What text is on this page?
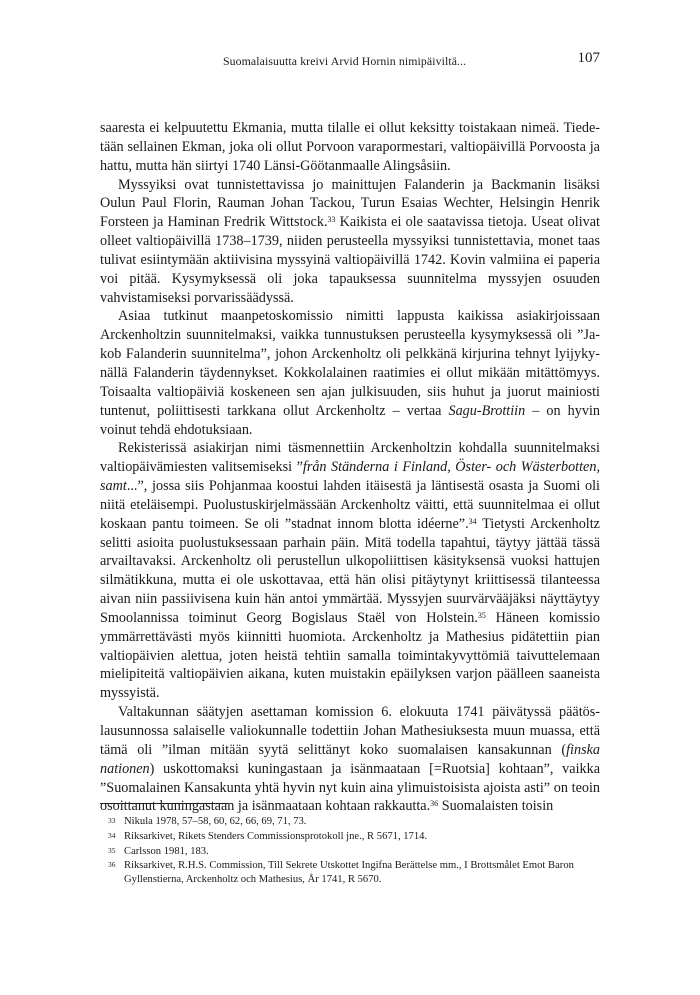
Suomalaisuutta kreivi Arvid Hornin nimipäiviltä...	107

saaresta ei kelpuutettu Ekmania, mutta tilalle ei ollut keksitty toistakaan nimeä. Tiedetään sellainen Ekman, joka oli ollut Porvoon varapormestari, valtiopäivillä Porvoosta ja hattu, mutta hän siirtyi 1740 Länsi-Göötanmaalle Alingsåsiin.

Myssyiksi ovat tunnistettavissa jo mainittujen Falanderin ja Backmanin lisäksi Oulun Paul Florin, Rauman Johan Tackou, Turun Esaias Wechter, Helsingin Henrik Forsteen ja Haminan Fredrik Wittstock.$^{33}$ Kaikista ei ole saatavissa tietoja. Useat olivat olleet valtiopäivillä 1738–1739, niiden perusteella myssyiksi tunnistettavia, monet taas tulivat esiintymään aktiivisina myssyinä valtiopäivillä 1742. Kovin valmiina ei paperia voi pitää. Kysymyksessä oli joka tapauksessa suunnitelma myssyjen osuuden vahvistamiseksi porvarissäädyssä.

Asiaa tutkinut maanpetoskomissio nimitti lappusta kaikissa asiakirjoissaan Arckenholtzin suunnitelmaksi, vaikka tunnustuksen perusteella kysymyksessä oli ”Jakob Falanderin suunnitelma”, johon Arckenholtz oli pelkkänä kirjurina tehnyt lyijykynällä Falanderin täydennykset. Kokkolalainen raatimies ei ollut mikään mitättömyys. Toisaalta valtiopäiviä koskeneen sen ajan julkisuuden, siis huhut ja juorut mainiosti tuntenut, poliittisesti tarkkana ollut Arckenholtz – vertaa Sagu-Brottiin – on hyvin voinut tehdä ehdotuksiaan.

Rekisterissä asiakirjan nimi täsmennettiin Arckenholtzin kohdalla suunnitelmaksi valtiopäivämiesten valitsemiseksi ”från Ständerna i Finland, Öster- och Wästerbotten, samt...”, jossa siis Pohjanmaa koostui lahden itäisestä ja läntisestä osasta ja Suomi oli niitä eteläisempi. Puolustuskirjelmässään Arckenholtz väitti, että suunnitelmaa ei ollut koskaan pantu toimeen. Se oli ”stadnat innom blotta idéerne”.$^{34}$ Tietysti Arckenholtz selitti asioita puolustuksessaan parhain päin. Mitä todella tapahtui, täytyy jättää tässä arvailtavaksi. Arckenholtz oli perustellun ulkopoliittisen käsityksensä vuoksi hattujen silmätikkuna, mutta ei ole uskottavaa, että hän olisi pitäytynyt kriittisessä tilanteessa aivan niin passiivisena kuin hän antoi ymmärtää. Myssyjen suurvärvääjäksi näyttäytyy Smoolannissa toiminut Georg Bogislaus Staël von Holstein.$^{35}$ Häneen komissio ymmärrettävästi myös kiinnitti huomiota. Arckenholtz ja Mathesius pidätettiin pian valtiopäivien alettua, joten heistä tehtiin samalla toimintakyvyttömiä taivuttelemaan mielipiteitä valtiopäivien aikana, kuten muistakin epäilyksen varjon päälleen saaneista myssyistä.

Valtakunnan säätyjen asettaman komission 6. elokuuta 1741 päivätyssä päätöslausunnossa salaiselle valiokunnalle todettiin Johan Mathesiuksesta muun muassa, että tämä oli ”ilman mitään syytä selittänyt koko suomalaisen kansakunnan (finska nationen) uskottomaksi kuningastaan ja isänmaataan [=Ruotsia] kohtaan”, vaikka ”Suomalainen Kansakunta yhtä hyvin nyt kuin aina ylimuistoisista ajoista asti” on teoin osoittanut kuningastaan ja isänmaataan kohtaan rakkautta.$^{36}$ Suomalaisten toisin

33 Nikula 1978, 57–58, 60, 62, 66, 69, 71, 73.
34 Riksarkivet, Rikets Stenders Commissionsprotokoll jne., R 5671, 1714.
35 Carlsson 1981, 183.
36 Riksarkivet, R.H.S. Commission, Till Sekrete Utskottet Ingifna Berättelse mm., I Brottsmålet Emot Baron Gyllenstierna, Arckenholtz och Mathesius, År 1741, R 5670.
